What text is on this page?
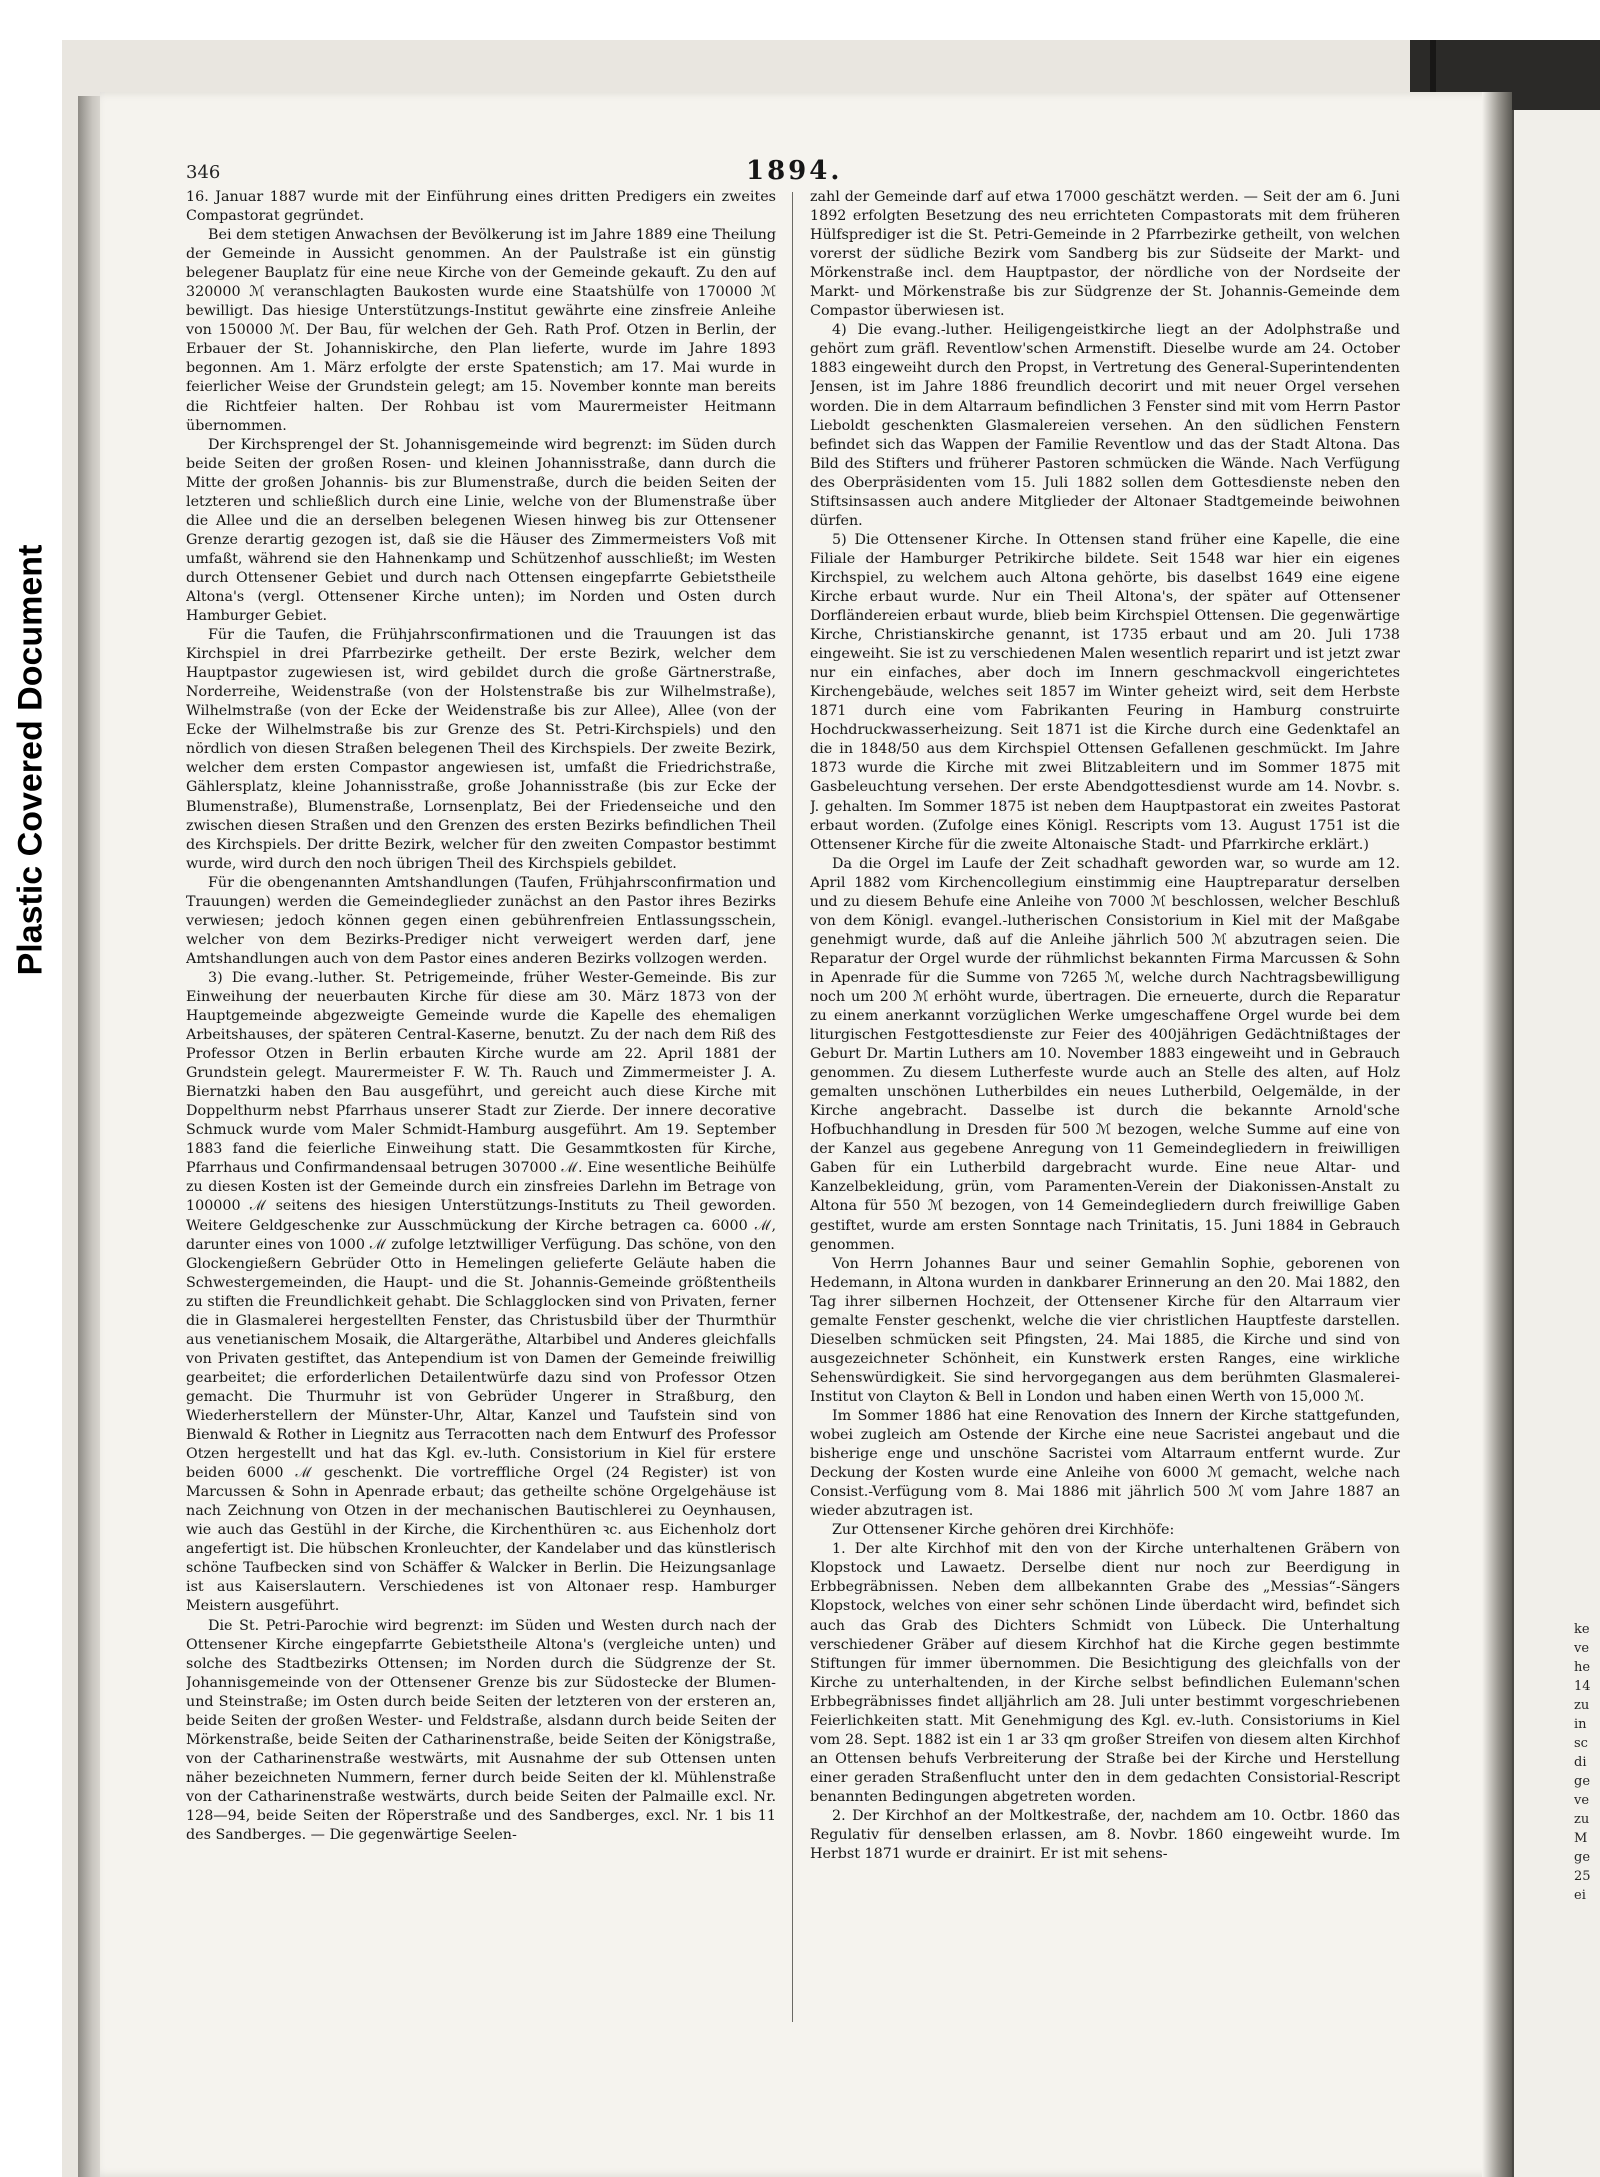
Plastic Covered Document
346	1894.

16. Januar 1887 wurde mit der Einführung eines dritten Predigers ein zweites Compastorat gegründet.

Bei dem stetigen Anwachsen der Bevölkerung ist im Jahre 1889 eine Theilung der Gemeinde in Aussicht genommen. An der Paulstraße ist ein günstig belegener Bauplatz für eine neue Kirche von der Gemeinde gekauft. Zu den auf 320000 ℳ veranschlagten Baukosten wurde eine Staatshülfe von 170000 ℳ bewilligt. Das hiesige Unterstützungs-Institut gewährte eine zinsfreie Anleihe von 150000 ℳ. Der Bau, für welchen der Geh. Rath Prof. Otzen in Berlin, der Erbauer der St. Johanniskirche, den Plan lieferte, wurde im Jahre 1893 begonnen. Am 1. März erfolgte der erste Spatenstich; am 17. Mai wurde in feierlicher Weise der Grundstein gelegt; am 15. November konnte man bereits die Richtfeier halten. Der Rohbau ist vom Maurermeister Heitmann übernommen.

Der Kirchsprengel der St. Johannisgemeinde wird begrenzt: im Süden durch beide Seiten der großen Rosen- und kleinen Johannisstraße, dann durch die Mitte der großen Johannis- bis zur Blumenstraße, durch die beiden Seiten der letzteren und schließlich durch eine Linie, welche von der Blumenstraße über die Allee und die an derselben belegenen Wiesen hinweg bis zur Ottensener Grenze derartig gezogen ist, daß sie die Häuser des Zimmermeisters Voß mit umfaßt, während sie den Hahnenkamp und Schützenhof ausschließt; im Westen durch Ottensener Gebiet und durch nach Ottensen eingepfarrte Gebietstheile Altona's (vergl. Ottensener Kirche unten); im Norden und Osten durch Hamburger Gebiet.

Für die Taufen, die Frühjahrsconfirmationen und die Trauungen ist das Kirchspiel in drei Pfarrbezirke getheilt. Der erste Bezirk, welcher dem Hauptpastor zugewiesen ist, wird gebildet durch die große Gärtnerstraße, Norderreihe, Weidenstraße (von der Holstenstraße bis zur Wilhelmstraße), Wilhelmstraße (von der Ecke der Weidenstraße bis zur Allee), Allee (von der Ecke der Wilhelmstraße bis zur Grenze des St. Petri-Kirchspiels) und den nördlich von diesen Straßen belegenen Theil des Kirchspiels. Der zweite Bezirk, welcher dem ersten Compastor angewiesen ist, umfaßt die Friedrichstraße, Gählersplatz, kleine Johannisstraße, große Johannisstraße (bis zur Ecke der Blumenstraße), Blumenstraße, Lornsenplatz, Bei der Friedenseiche und den zwischen diesen Straßen und den Grenzen des ersten Bezirks befindlichen Theil des Kirchspiels. Der dritte Bezirk, welcher für den zweiten Compastor bestimmt wurde, wird durch den noch übrigen Theil des Kirchspiels gebildet.

Für die obengenannten Amtshandlungen (Taufen, Frühjahrsconfirmation und Trauungen) werden die Gemeindeglieder zunächst an den Pastor ihres Bezirks verwiesen; jedoch können gegen einen gebührenfreien Entlassungsschein, welcher von dem Bezirks-Prediger nicht verweigert werden darf, jene Amtshandlungen auch von dem Pastor eines anderen Bezirks vollzogen werden.

3) Die evang.-luther. St. Petrigemeinde, früher Wester-Gemeinde. Bis zur Einweihung der neuerbauten Kirche für diese am 30. März 1873 von der Hauptgemeinde abgezweigte Gemeinde wurde die Kapelle des ehemaligen Arbeitshauses, der späteren Central-Kaserne, benutzt. Zu der nach dem Riß des Professor Otzen in Berlin erbauten Kirche wurde am 22. April 1881 der Grundstein gelegt. Maurermeister F. W. Th. Rauch und Zimmermeister J. A. Biernatzki haben den Bau ausgeführt, und gereicht auch diese Kirche mit Doppelthurm nebst Pfarrhaus unserer Stadt zur Zierde. Der innere decorative Schmuck wurde vom Maler Schmidt-Hamburg ausgeführt. Am 19. September 1883 fand die feierliche Einweihung statt. Die Gesammtkosten für Kirche, Pfarrhaus und Confirmandensaal betrugen 307000 ℳ. Eine wesentliche Beihülfe zu diesen Kosten ist der Gemeinde durch ein zinsfreies Darlehn im Betrage von 100000 ℳ seitens des hiesigen Unterstützungs-Instituts zu Theil geworden. Weitere Geldgeschenke zur Ausschmückung der Kirche betragen ca. 6000 ℳ, darunter eines von 1000 ℳ zufolge letztwilliger Verfügung. Das schöne, von den Glockengießern Gebrüder Otto in Hemelingen gelieferte Geläute haben die Schwestergemeinden, die Haupt- und die St. Johannis-Gemeinde größtentheils zu stiften die Freundlichkeit gehabt. Die Schlagglocken sind von Privaten, ferner die in Glasmalerei hergestellten Fenster, das Christusbild über der Thurmthür aus venetianischem Mosaik, die Altargeräthe, Altarbibel und Anderes gleichfalls von Privaten gestiftet, das Antependium ist von Damen der Gemeinde freiwillig gearbeitet; die erforderlichen Detailentwürfe dazu sind von Professor Otzen gemacht. Die Thurmuhr ist von Gebrüder Ungerer in Straßburg, den Wiederherstellern der Münster-Uhr, Altar, Kanzel und Taufstein sind von Bienwald & Rother in Liegnitz aus Terracotten nach dem Entwurf des Professor Otzen hergestellt und hat das Kgl. ev.-luth. Consistorium in Kiel für erstere beiden 6000 ℳ geschenkt. Die vortreffliche Orgel (24 Register) ist von Marcussen & Sohn in Apenrade erbaut; das getheilte schöne Orgelgehäuse ist nach Zeichnung von Otzen in der mechanischen Bautischlerei zu Oeynhausen, wie auch das Gestühl in der Kirche, die Kirchenthüren ꝛc. aus Eichenholz dort angefertigt ist. Die hübschen Kronleuchter, der Kandelaber und das künstlerisch schöne Taufbecken sind von Schäffer & Walcker in Berlin. Die Heizungsanlage ist aus Kaiserslautern. Verschiedenes ist von Altonaer resp. Hamburger Meistern ausgeführt.

Die St. Petri-Parochie wird begrenzt: im Süden und Westen durch nach der Ottensener Kirche eingepfarrte Gebietstheile Altona's (vergleiche unten) und solche des Stadtbezirks Ottensen; im Norden durch die Südgrenze der St. Johannisgemeinde von der Ottensener Grenze bis zur Südostecke der Blumen- und Steinstraße; im Osten durch beide Seiten der letzteren von der ersteren an, beide Seiten der großen Wester- und Feldstraße, alsdann durch beide Seiten der Mörkenstraße, beide Seiten der Catharinenstraße, beide Seiten der Königstraße, von der Catharinenstraße westwärts, mit Ausnahme der sub Ottensen unten näher bezeichneten Nummern, ferner durch beide Seiten der kl. Mühlenstraße von der Catharinenstraße westwärts, durch beide Seiten der Palmaille excl. Nr. 128—94, beide Seiten der Röperstraße und des Sandberges, excl. Nr. 1 bis 11 des Sandberges. — Die gegenwärtige Seelen-

zahl der Gemeinde darf auf etwa 17000 geschätzt werden. — Seit der am 6. Juni 1892 erfolgten Besetzung des neu errichteten Compastorats mit dem früheren Hülfsprediger ist die St. Petri-Gemeinde in 2 Pfarrbezirke getheilt, von welchen vorerst der südliche Bezirk vom Sandberg bis zur Südseite der Markt- und Mörkenstraße incl. dem Hauptpastor, der nördliche von der Nordseite der Markt- und Mörkenstraße bis zur Südgrenze der St. Johannis-Gemeinde dem Compastor überwiesen ist.

4) Die evang.-luther. Heiligengeistkirche liegt an der Adolphstraße und gehört zum gräfl. Reventlow'schen Armenstift. Dieselbe wurde am 24. October 1883 eingeweiht durch den Propst, in Vertretung des General-Superintendenten Jensen, ist im Jahre 1886 freundlich decorirt und mit neuer Orgel versehen worden. Die in dem Altarraum befindlichen 3 Fenster sind mit vom Herrn Pastor Lieboldt geschenkten Glasmalereien versehen. An den südlichen Fenstern befindet sich das Wappen der Familie Reventlow und das der Stadt Altona. Das Bild des Stifters und früherer Pastoren schmücken die Wände. Nach Verfügung des Oberpräsidenten vom 15. Juli 1882 sollen dem Gottesdienste neben den Stiftsinsassen auch andere Mitglieder der Altonaer Stadtgemeinde beiwohnen dürfen.

5) Die Ottensener Kirche. In Ottensen stand früher eine Kapelle, die eine Filiale der Hamburger Petrikirche bildete. Seit 1548 war hier ein eigenes Kirchspiel, zu welchem auch Altona gehörte, bis daselbst 1649 eine eigene Kirche erbaut wurde. Nur ein Theil Altona's, der später auf Ottensener Dorfländereien erbaut wurde, blieb beim Kirchspiel Ottensen. Die gegenwärtige Kirche, Christianskirche genannt, ist 1735 erbaut und am 20. Juli 1738 eingeweiht. Sie ist zu verschiedenen Malen wesentlich reparirt und ist jetzt zwar nur ein einfaches, aber doch im Innern geschmackvoll eingerichtetes Kirchengebäude, welches seit 1857 im Winter geheizt wird, seit dem Herbste 1871 durch eine vom Fabrikanten Feuring in Hamburg construirte Hochdruckwasserheizung. Seit 1871 ist die Kirche durch eine Gedenktafel an die in 1848/50 aus dem Kirchspiel Ottensen Gefallenen geschmückt. Im Jahre 1873 wurde die Kirche mit zwei Blitzableitern und im Sommer 1875 mit Gasbeleuchtung versehen. Der erste Abendgottesdienst wurde am 14. Novbr. s. J. gehalten. Im Sommer 1875 ist neben dem Hauptpastorat ein zweites Pastorat erbaut worden. (Zufolge eines Königl. Rescripts vom 13. August 1751 ist die Ottensener Kirche für die zweite Altonaische Stadt- und Pfarrkirche erklärt.)

Da die Orgel im Laufe der Zeit schadhaft geworden war, so wurde am 12. April 1882 vom Kirchencollegium einstimmig eine Hauptreparatur derselben und zu diesem Behufe eine Anleihe von 7000 ℳ beschlossen, welcher Beschluß von dem Königl. evangel.-lutherischen Consistorium in Kiel mit der Maßgabe genehmigt wurde, daß auf die Anleihe jährlich 500 ℳ abzutragen seien. Die Reparatur der Orgel wurde der rühmlichst bekannten Firma Marcussen & Sohn in Apenrade für die Summe von 7265 ℳ, welche durch Nachtragsbewilligung noch um 200 ℳ erhöht wurde, übertragen. Die erneuerte, durch die Reparatur zu einem anerkannt vorzüglichen Werke umgeschaffene Orgel wurde bei dem liturgischen Festgottesdienste zur Feier des 400jährigen Gedächtnißtages der Geburt Dr. Martin Luthers am 10. November 1883 eingeweiht und in Gebrauch genommen. Zu diesem Lutherfeste wurde auch an Stelle des alten, auf Holz gemalten unschönen Lutherbildes ein neues Lutherbild, Oelgemälde, in der Kirche angebracht. Dasselbe ist durch die bekannte Arnold'sche Hofbuchhandlung in Dresden für 500 ℳ bezogen, welche Summe auf eine von der Kanzel aus gegebene Anregung von 11 Gemeindegliedern in freiwilligen Gaben für ein Lutherbild dargebracht wurde. Eine neue Altar- und Kanzelbekleidung, grün, vom Paramenten-Verein der Diakonissen-Anstalt zu Altona für 550 ℳ bezogen, von 14 Gemeindegliedern durch freiwillige Gaben gestiftet, wurde am ersten Sonntage nach Trinitatis, 15. Juni 1884 in Gebrauch genommen.

Von Herrn Johannes Baur und seiner Gemahlin Sophie, geborenen von Hedemann, in Altona wurden in dankbarer Erinnerung an den 20. Mai 1882, den Tag ihrer silbernen Hochzeit, der Ottensener Kirche für den Altarraum vier gemalte Fenster geschenkt, welche die vier christlichen Hauptfeste darstellen. Dieselben schmücken seit Pfingsten, 24. Mai 1885, die Kirche und sind von ausgezeichneter Schönheit, ein Kunstwerk ersten Ranges, eine wirkliche Sehenswürdigkeit. Sie sind hervorgegangen aus dem berühmten Glasmalerei-Institut von Clayton & Bell in London und haben einen Werth von 15,000 ℳ.

Im Sommer 1886 hat eine Renovation des Innern der Kirche stattgefunden, wobei zugleich am Ostende der Kirche eine neue Sacristei angebaut und die bisherige enge und unschöne Sacristei vom Altarraum entfernt wurde. Zur Deckung der Kosten wurde eine Anleihe von 6000 ℳ gemacht, welche nach Consist.-Verfügung vom 8. Mai 1886 mit jährlich 500 ℳ vom Jahre 1887 an wieder abzutragen ist.

Zur Ottensener Kirche gehören drei Kirchhöfe:

1. Der alte Kirchhof mit den von der Kirche unterhaltenen Gräbern von Klopstock und Lawaetz. Derselbe dient nur noch zur Beerdigung in Erbbegräbnissen. Neben dem allbekannten Grabe des „Messias“-Sängers Klopstock, welches von einer sehr schönen Linde überdacht wird, befindet sich auch das Grab des Dichters Schmidt von Lübeck. Die Unterhaltung verschiedener Gräber auf diesem Kirchhof hat die Kirche gegen bestimmte Stiftungen für immer übernommen. Die Besichtigung des gleichfalls von der Kirche zu unterhaltenden, in der Kirche selbst befindlichen Eulemann'schen Erbbegräbnisses findet alljährlich am 28. Juli unter bestimmt vorgeschriebenen Feierlichkeiten statt. Mit Genehmigung des Kgl. ev.-luth. Consistoriums in Kiel vom 28. Sept. 1882 ist ein 1 ar 33 qm großer Streifen von diesem alten Kirchhof an Ottensen behufs Verbreiterung der Straße bei der Kirche und Herstellung einer geraden Straßenflucht unter den in dem gedachten Consistorial-Rescript benannten Bedingungen abgetreten worden.

2. Der Kirchhof an der Moltkestraße, der, nachdem am 10. Octbr. 1860 das Regulativ für denselben erlassen, am 8. Novbr. 1860 eingeweiht wurde. Im Herbst 1871 wurde er drainirt. Er ist mit sehens-

ke ve he 14 zu in sc di ge ve zu M ge 25 ei
